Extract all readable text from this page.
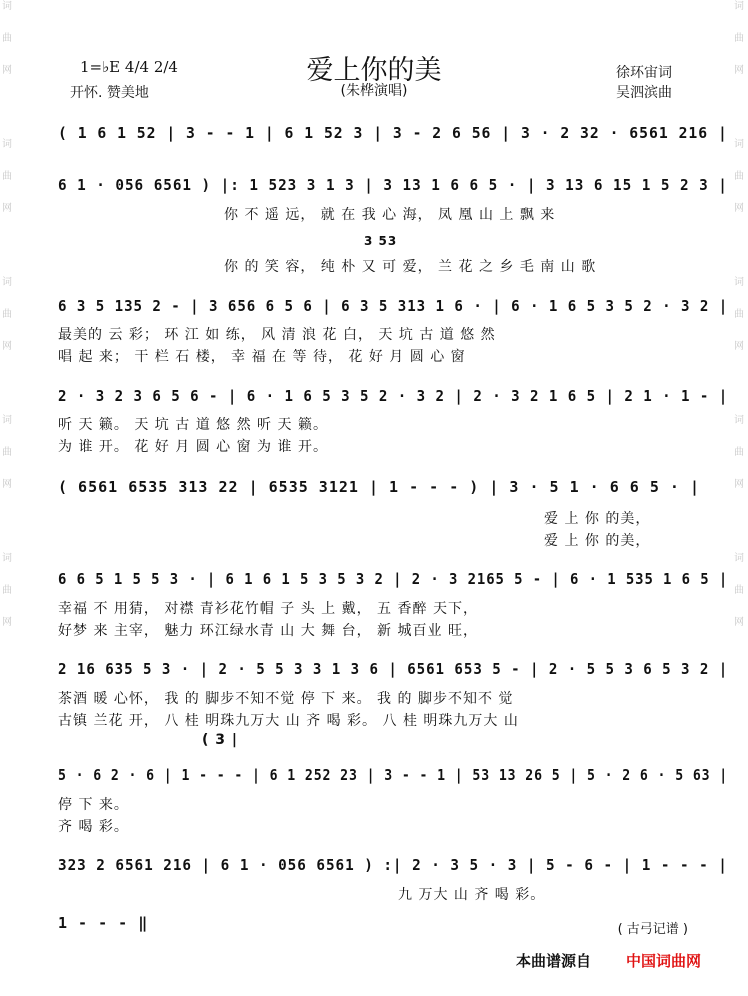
词
曲
网
词
曲
网
词
曲
网
词
曲
网
词
曲
网
词
曲
网
词
曲
网
词
曲
网
词
曲
网
词
曲
网
爱上你的美
(朱桦演唱)
1=♭E 4/4 2/4
开怀. 赞美地
徐环宙词
吴泗滨曲
( 1 6 1 52 | 3 - - 1 | 6 1 52 3 | 3 - 2 6 56 | 3 · 2 32 · 6561 216 |
6 1 · 056 6561 ) |: 1 523 3 1 3 | 3 13 1 6 6 5 · | 3 13 6 15 1 5 2 3 |
你 不 遥 远， 就 在 我 心 海， 凤 凰 山 上 飘 来
3 53
你 的 笑 容， 纯 朴 又 可 爱， 兰 花 之 乡 毛 南 山 歌
6 3 5 135 2 - | 3 656 6 5 6 | 6 3 5 313 1 6 · | 6 · 1 6 5 3 5 2 · 3 2 |
最美的 云 彩； 环 江 如 练， 风 清 浪 花 白， 天 坑 古 道 悠 然
唱 起 来； 干 栏 石 楼， 幸 福 在 等 待， 花 好 月 圆 心 窗
2 · 3 2 3 6 5 6 - | 6 · 1 6 5 3 5 2 · 3 2 | 2 · 3 2 1 6 5 | 2 1 · 1 - |
听 天 籁。 天 坑 古 道 悠 然 听 天 籁。
为 谁 开。 花 好 月 圆 心 窗 为 谁 开。
( 6561 6535 313 22 | 6535 3121 | 1 - - - ) | 3 · 5 1 · 6 6 5 · |
爱 上 你 的美，
爱 上 你 的美，
6 6 5 1 5 5 3 · | 6 1 6 1 5 3 5 3 2 | 2 · 3 2165 5 - | 6 · 1 535 1 6 5 |
幸福 不 用猜， 对襟 青衫花竹帽 子 头 上 戴， 五 香醉 天下，
好梦 来 主宰， 魅力 环江绿水青 山 大 舞 台， 新 城百业 旺，
2 16 635 5 3 · | 2 · 5 5 3 3 1 3 6 | 6561 653 5 - | 2 · 5 5 3 6 5 3 2 |
茶酒 暖 心怀， 我 的 脚步不知不觉 停 下 来。 我 的 脚步不知不 觉
古镇 兰花 开， 八 桂 明珠九万大 山 齐 喝 彩。 八 桂 明珠九万大 山
( 3 |
5 · 6 2 · 6 | 1 - - - | 6 1 252 23 | 3 - - 1 | 53 13 26 5 | 5 · 2 6 · 5 63 |
停 下 来。
齐 喝 彩。
323 2 6561 216 | 6 1 · 056 6561 ) :| 2 · 3 5 · 3 | 5 - 6 - | 1 - - - |
九 万大 山 齐 喝 彩。
1 - - - ‖	( 古弓记谱 )
本曲谱源自 中国词曲网
